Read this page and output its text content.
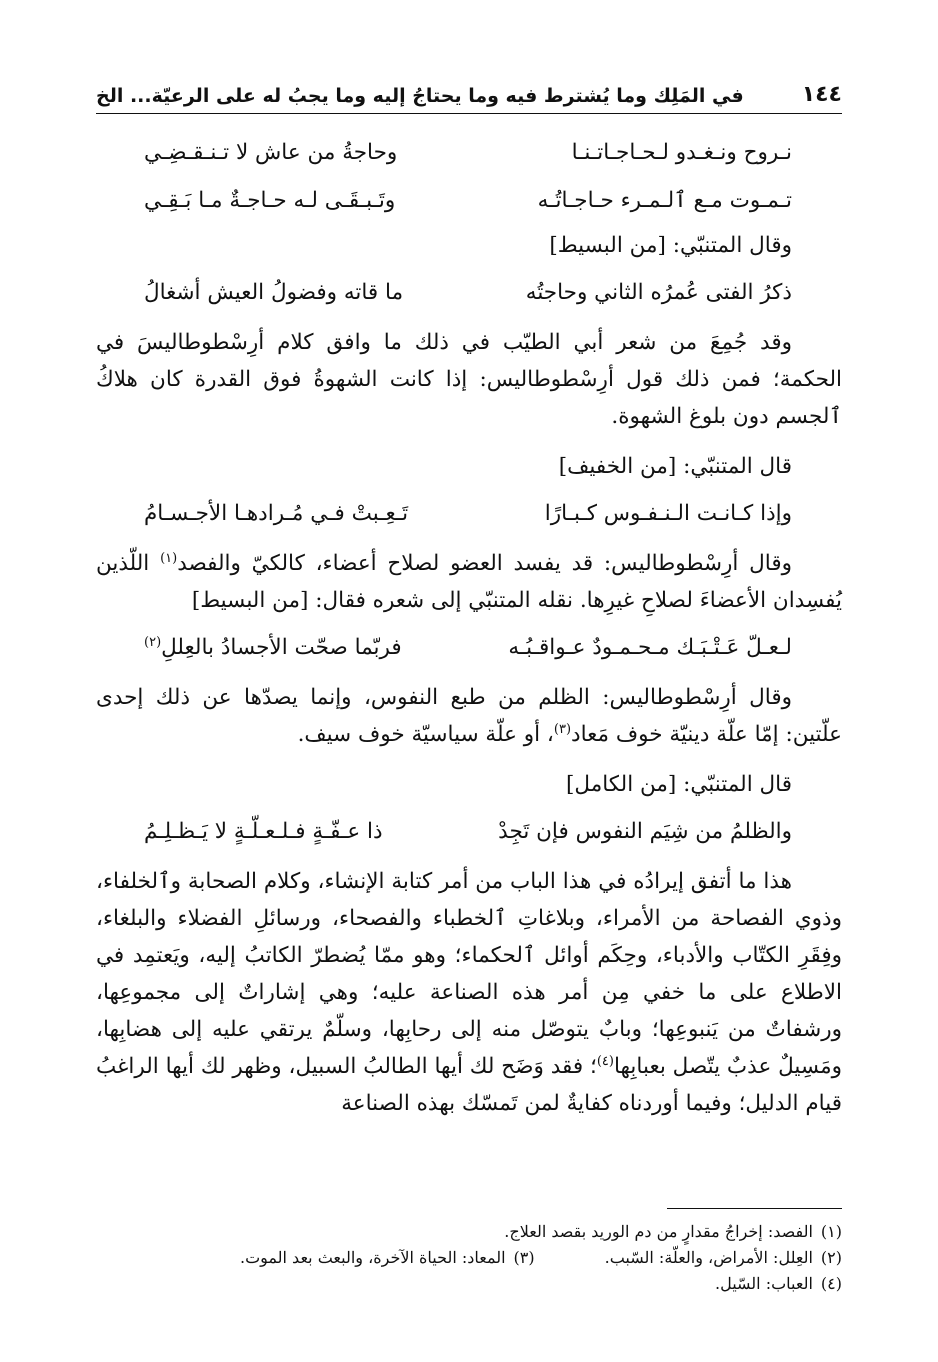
١٤٤
في المَلِك وما يُشترط فيه وما يحتاجُ إليه وما يجبُ له على الرعيّة... الخ
نـروح ونـغـدو لـحـاجـاتـنـا
وحاجةُ من عاش لا تـنـقـضِـي
تـمـوت مـع ٱلـمـرء حـاجـاتُـه
وتَـبـقَـى لـه حـاجـةٌ مـا بَـقِـي
وقال المتنبّي: [من البسيط]
ذكرُ الفتى عُمرُه الثاني وحاجتُه
ما قاته وفضولُ العيش أشغالُ

وقد جُمِعَ من شعر أبي الطيّب في ذلك ما وافق كلام أرِسْطوطاليسَ في الحكمة؛ فمن ذلك قول أرِسْطوطاليس: إذا كانت الشهوةُ فوق القدرة كان هلاكُ ٱلجسم دون بلوغ الشهوة.

قال المتنبّي: [من الخفيف]
وإذا كـانـت الـنـفـوس كـبـارًا
تَـعِـبتْ فـي مُـرادهـا الأجـسـامُ

وقال أرِسْطوطاليس: قد يفسد العضو لصلاح أعضاء، كالكيّ والفصد$^{(١)}$ اللّذين يُفسِدان الأعضاءَ لصلاحِ غيرِها. نقله المتنبّي إلى شعره فقال: [من البسيط]

لـعـلّ عَـتْـبَـك مـحـمـودٌ عـواقـبُـه
فربّما صحّت الأجسادُ بالعِللِ$^{(٢)}$

وقال أرِسْطوطاليس: الظلم من طبع النفوس، وإنما يصدّها عن ذلك إحدى علّتين: إمّا علّة دينيّة خوف مَعاد$^{(٣)}$، أو علّة سياسيّة خوف سيف.

قال المتنبّي: [من الكامل]
والظلمُ من شِيَم النفوس فإن تَجِدْ
ذا عـفّـةٍ فـلـعـلّـةٍ لا يَـظـلِـمُ

هذا ما أتفق إيرادُه في هذا الباب من أمر كتابة الإنشاء، وكلام الصحابة وٱلخلفاء، وذوي الفصاحة من الأمراء، وبلاغاتِ ٱلخطباء والفصحاء، ورسائلِ الفضلاء والبلغاء، وفِقَرِ الكتّاب والأدباء، وحِكَم أوائل ٱلحكماء؛ وهو ممّا يُضطرّ الكاتبُ إليه، ويَعتمِد في الاطلاع على ما خفي مِن أمر هذه الصناعة عليه؛ وهي إشاراتٌ إلى مجموعِها، ورشفاتٌ من يَنبوعِها؛ وبابٌ يتوصّل منه إلى رحابِها، وسلّمٌ يرتقي عليه إلى هضابِها، ومَسِيلٌ عذبٌ يتّصل بعبابِها$^{(٤)}$؛ فقد وَضَح لك أيها الطالبُ السبيل، وظهر لك أيها الراغبُ قيام الدليل؛ وفيما أوردناه كفايةٌ لمن تَمسّك بهذه الصناعة

(١)
الفصد: إخراجُ مقدارٍ من دم الوريد بقصد العلاج.
(٢)
العِلل: الأمراض، والعلّة: السّبب.
(٣)
المعاد: الحياة الآخرة، والبعث بعد الموت.
(٤)
العباب: السّيل.
